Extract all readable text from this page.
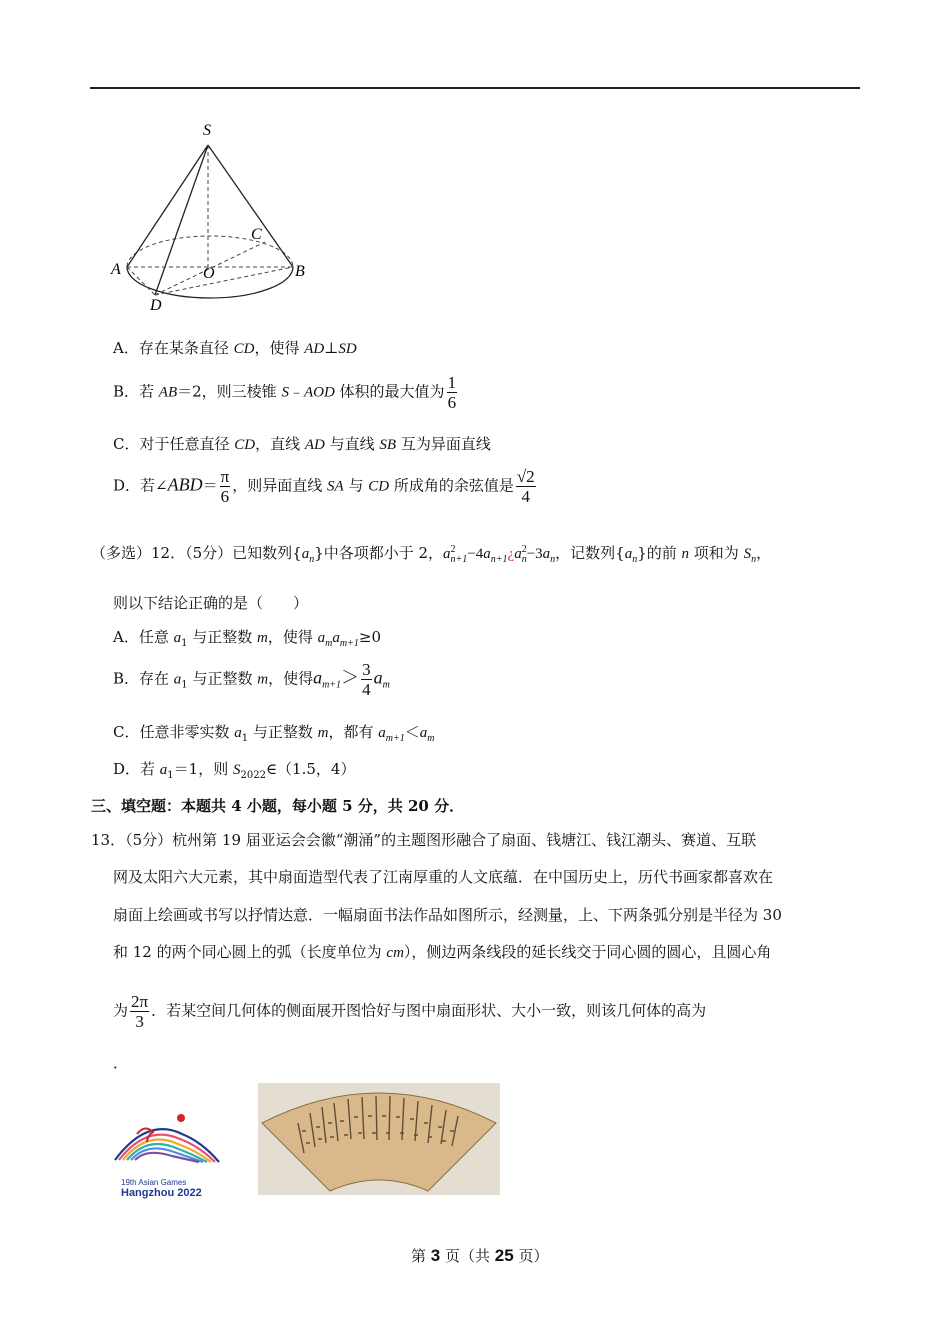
S
A	B
C
D
O
A．存在某条直径 CD，使得 AD⊥SD
B．若 AB＝2，则三棱锥 S﹣AOD 体积的最大值为 $\frac{1}{6}$
C．对于任意直径 CD，直线 AD 与直线 SB 互为异面直线
D．若∠ABD＝ $\frac{\pi}{6}$ ，则异面直线 SA 与 CD 所成角的余弦值是 $\frac{√2}{4}$
（多选）12．（5分）已知数列$\{a_n\}$中各项都小于 2，a 2
$n+1 -4a_{n+1}¿a$ 2
$n -3a_n$，记数列$\{a_n\}$的前 n 项和为 $S_n$，
则以下结论正确的是（　　）
A．任意 $a_1$ 与正整数 m，使得 $a_ma_{m+1}\ge 0$
B．存在 $a_1$ 与正整数 m，使得$a_{m+1}> \frac{3}{4} a_m$
C．任意非零实数 $a_1$ 与正整数 m，都有 $a_{m+1}<a_m$
D．若 $a_1=1$，则 $S_{2022}\in(1.5$，4）
三、填空题：本题共 4 小题，每小题 5 分，共 20 分．
13．（5分）杭州第 19 届亚运会会徽“潮涌”的主题图形融合了扇面、钱塘江、钱江潮头、赛道、互联
网及太阳六大元素，其中扇面造型代表了江南厚重的人文底蕴．在中国历史上，历代书画家都喜欢在
扇面上绘画或书写以抒情达意．一幅扇面书法作品如图所示，经测量，上、下两条弧分别是半径为 30
和 12 的两个同心圆上的弧（长度单位为 cm），侧边两条线段的延长线交于同心圆的圆心，且圆心角
为 $\frac{2\pi}{3}$ ．若某空间几何体的侧面展开图恰好与图中扇面形状、大小一致，则该几何体的高为
．
19th Asian Games
Hangzhou 2022
第 3 页（共 25 页）
